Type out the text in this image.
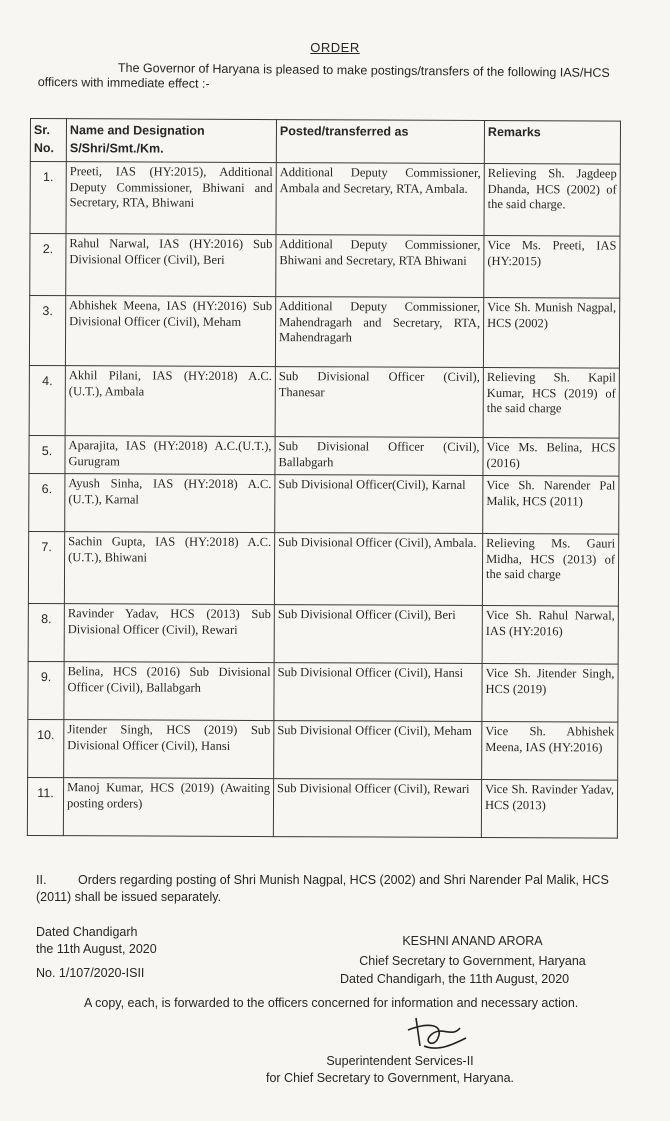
ORDER
The Governor of Haryana is pleased to make postings/transfers of the following IAS/HCS officers with immediate effect :-
Sr. No.	Name and Designation S/Shri/Smt./Km.	Posted/transferred as	Remarks
1.	Preeti, IAS (HY:2015), Additional Deputy Commissioner, Bhiwani and Secretary, RTA, Bhiwani	Additional Deputy Commissioner, Ambala and Secretary, RTA, Ambala.	Relieving Sh. Jagdeep Dhanda, HCS (2002) of the said charge.
2.	Rahul Narwal, IAS (HY:2016) Sub Divisional Officer (Civil), Beri	Additional Deputy Commissioner, Bhiwani and Secretary, RTA Bhiwani	Vice Ms. Preeti, IAS (HY:2015)
3.	Abhishek Meena, IAS (HY:2016) Sub Divisional Officer (Civil), Meham	Additional Deputy Commissioner, Mahendragarh and Secretary, RTA, Mahendragarh	Vice Sh. Munish Nagpal, HCS (2002)
4.	Akhil Pilani, IAS (HY:2018) A.C.(U.T.), Ambala	Sub Divisional Officer (Civil), Thanesar	Relieving Sh. Kapil Kumar, HCS (2019) of the said charge
5.	Aparajita, IAS (HY:2018) A.C.(U.T.), Gurugram	Sub Divisional Officer (Civil), Ballabgarh	Vice Ms. Belina, HCS (2016)
6.	Ayush Sinha, IAS (HY:2018) A.C.(U.T.), Karnal	Sub Divisional Officer(Civil), Karnal	Vice Sh. Narender Pal Malik, HCS (2011)
7.	Sachin Gupta, IAS (HY:2018) A.C.(U.T.), Bhiwani	Sub Divisional Officer (Civil), Ambala.	Relieving Ms. Gauri Midha, HCS (2013) of the said charge
8.	Ravinder Yadav, HCS (2013) Sub Divisional Officer (Civil), Rewari	Sub Divisional Officer (Civil), Beri	Vice Sh. Rahul Narwal, IAS (HY:2016)
9.	Belina, HCS (2016) Sub Divisional Officer (Civil), Ballabgarh	Sub Divisional Officer (Civil), Hansi	Vice Sh. Jitender Singh, HCS (2019)
10.	Jitender Singh, HCS (2019) Sub Divisional Officer (Civil), Hansi	Sub Divisional Officer (Civil), Meham	Vice Sh. Abhishek Meena, IAS (HY:2016)
11.	Manoj Kumar, HCS (2019) (Awaiting posting orders)	Sub Divisional Officer (Civil), Rewari	Vice Sh. Ravinder Yadav, HCS (2013)
II.	Orders regarding posting of Shri Munish Nagpal, HCS (2002) and Shri Narender Pal Malik, HCS (2011) shall be issued separately.
Dated Chandigarh
the 11th August, 2020
KESHNI ANAND ARORA
Chief Secretary to Government, Haryana
No. 1/107/2020-ISII	Dated Chandigarh, the 11th August, 2020
A copy, each, is forwarded to the officers concerned for information and necessary action.
Superintendent Services-II
for Chief Secretary to Government, Haryana.
